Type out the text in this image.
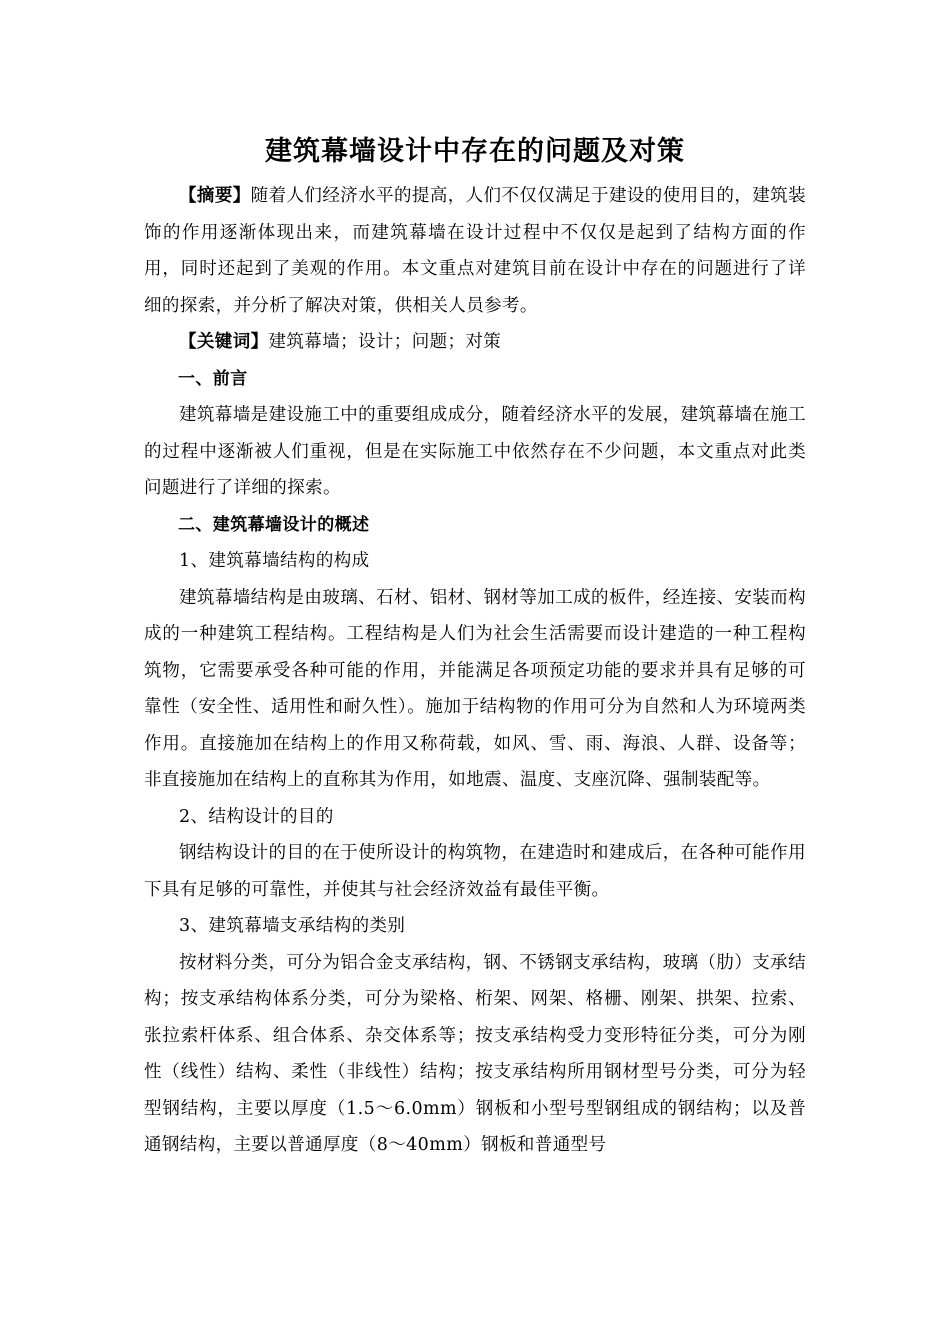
建筑幕墙设计中存在的问题及对策

【摘要】随着人们经济水平的提高，人们不仅仅满足于建设的使用目的，建筑装饰的作用逐渐体现出来，而建筑幕墙在设计过程中不仅仅是起到了结构方面的作用，同时还起到了美观的作用。本文重点对建筑目前在设计中存在的问题进行了详细的探索，并分析了解决对策，供相关人员参考。

【关键词】建筑幕墙；设计；问题；对策

一、前言

建筑幕墙是建设施工中的重要组成成分，随着经济水平的发展，建筑幕墙在施工的过程中逐渐被人们重视，但是在实际施工中依然存在不少问题，本文重点对此类问题进行了详细的探索。

二、建筑幕墙设计的概述

1、建筑幕墙结构的构成

建筑幕墙结构是由玻璃、石材、铝材、钢材等加工成的板件，经连接、安装而构成的一种建筑工程结构。工程结构是人们为社会生活需要而设计建造的一种工程构筑物，它需要承受各种可能的作用，并能满足各项预定功能的要求并具有足够的可靠性（安全性、适用性和耐久性）。施加于结构物的作用可分为自然和人为环境两类作用。直接施加在结构上的作用又称荷载，如风、雪、雨、海浪、人群、设备等；非直接施加在结构上的直称其为作用，如地震、温度、支座沉降、强制装配等。

2、结构设计的目的

钢结构设计的目的在于使所设计的构筑物，在建造时和建成后，在各种可能作用下具有足够的可靠性，并使其与社会经济效益有最佳平衡。

3、建筑幕墙支承结构的类别

按材料分类，可分为铝合金支承结构，钢、不锈钢支承结构，玻璃（肋）支承结构；按支承结构体系分类，可分为梁格、桁架、网架、格栅、刚架、拱架、拉索、张拉索杆体系、组合体系、杂交体系等；按支承结构受力变形特征分类，可分为刚性（线性）结构、柔性（非线性）结构；按支承结构所用钢材型号分类，可分为轻型钢结构，主要以厚度（1.5～6.0mm）钢板和小型号型钢组成的钢结构；以及普通钢结构，主要以普通厚度（8～40mm）钢板和普通型号
